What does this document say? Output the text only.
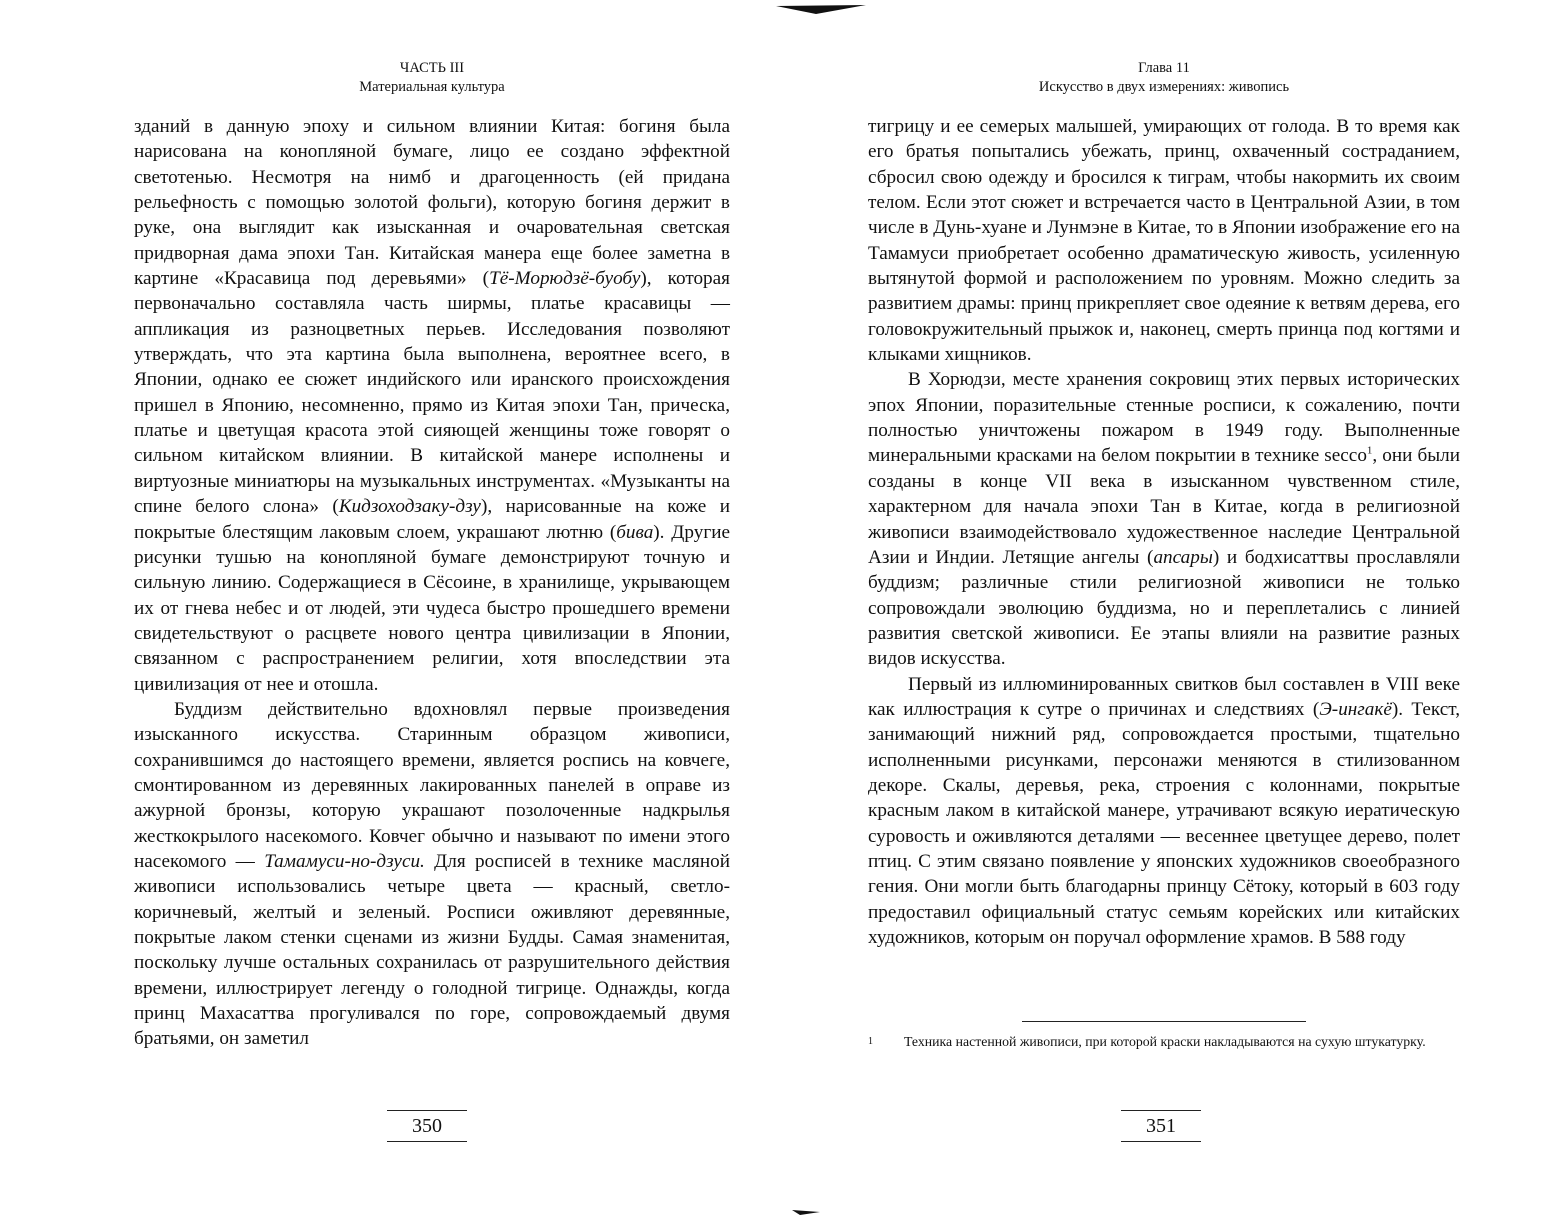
ЧАСТЬ III
Материальная культура

зданий в данную эпоху и сильном влиянии Китая: богиня была нарисована на конопляной бумаге, лицо ее создано эффектной светотенью. Несмотря на нимб и драгоценность (ей придана рельефность с помощью золотой фольги), которую богиня держит в руке, она выглядит как изысканная и очаровательная светская придворная дама эпохи Тан. Китайская манера еще более заметна в картине «Красавица под деревьями» (Тё-Морюдзё-буобу), которая первоначально составляла часть ширмы, платье красавицы — аппликация из разноцветных перьев. Исследования позволяют утверждать, что эта картина была выполнена, вероятнее всего, в Японии, однако ее сюжет индийского или иранского происхождения пришел в Японию, несомненно, прямо из Китая эпохи Тан, прическа, платье и цветущая красота этой сияющей женщины тоже говорят о сильном китайском влиянии. В китайской манере исполнены и виртуозные миниатюры на музыкальных инструментах. «Музыканты на спине белого слона» (Кидзоходзаку-дзу), нарисованные на коже и покрытые блестящим лаковым слоем, украшают лютню (бива). Другие рисунки тушью на конопляной бумаге демонстрируют точную и сильную линию. Содержащиеся в Сёсоине, в хранилище, укрывающем их от гнева небес и от людей, эти чудеса быстро прошедшего времени свидетельствуют о расцвете нового центра цивилизации в Японии, связанном с распространением религии, хотя впоследствии эта цивилизация от нее и отошла.

Буддизм действительно вдохновлял первые произведения изысканного искусства. Старинным образцом живописи, сохранившимся до настоящего времени, является роспись на ковчеге, смонтированном из деревянных лакированных панелей в оправе из ажурной бронзы, которую украшают позолоченные надкрылья жесткокрылого насекомого. Ковчег обычно и называют по имени этого насекомого — Тамамуси-но-дзуси. Для росписей в технике масляной живописи использовались четыре цвета — красный, светло-коричневый, желтый и зеленый. Росписи оживляют деревянные, покрытые лаком стенки сценами из жизни Будды. Самая знаменитая, поскольку лучше остальных сохранилась от разрушительного действия времени, иллюстрирует легенду о голодной тигрице. Однажды, когда принц Махасаттва прогуливался по горе, сопровождаемый двумя братьями, он заметил

350
Глава 11
Искусство в двух измерениях: живопись

тигрицу и ее семерых малышей, умирающих от голода. В то время как его братья попытались убежать, принц, охваченный состраданием, сбросил свою одежду и бросился к тиграм, чтобы накормить их своим телом. Если этот сюжет и встречается часто в Центральной Азии, в том числе в Дунь-хуане и Лунмэне в Китае, то в Японии изображение его на Тамамуси приобретает особенно драматическую живость, усиленную вытянутой формой и расположением по уровням. Можно следить за развитием драмы: принц прикрепляет свое одеяние к ветвям дерева, его головокружительный прыжок и, наконец, смерть принца под когтями и клыками хищников.

В Хорюдзи, месте хранения сокровищ этих первых исторических эпох Японии, поразительные стенные росписи, к сожалению, почти полностью уничтожены пожаром в 1949 году. Выполненные минеральными красками на белом покрытии в технике secco$^1$, они были созданы в конце VII века в изысканном чувственном стиле, характерном для начала эпохи Тан в Китае, когда в религиозной живописи взаимодействовало художественное наследие Центральной Азии и Индии. Летящие ангелы (апсары) и бодхисаттвы прославляли буддизм; различные стили религиозной живописи не только сопровождали эволюцию буддизма, но и переплетались с линией развития светской живописи. Ее этапы влияли на развитие разных видов искусства.

Первый из иллюминированных свитков был составлен в VIII веке как иллюстрация к сутре о причинах и следствиях (Э-ингакё). Текст, занимающий нижний ряд, сопровождается простыми, тщательно исполненными рисунками, персонажи меняются в стилизованном декоре. Скалы, деревья, река, строения с колоннами, покрытые красным лаком в китайской манере, утрачивают всякую иератическую суровость и оживляются деталями — весеннее цветущее дерево, полет птиц. С этим связано появление у японских художников своеобразного гения. Они могли быть благодарны принцу Сётоку, который в 603 году предоставил официальный статус семьям корейских или китайских художников, которым он поручал оформление храмов. В 588 году

1 Техника настенной живописи, при которой краски накладываются на сухую штукатурку.
351
